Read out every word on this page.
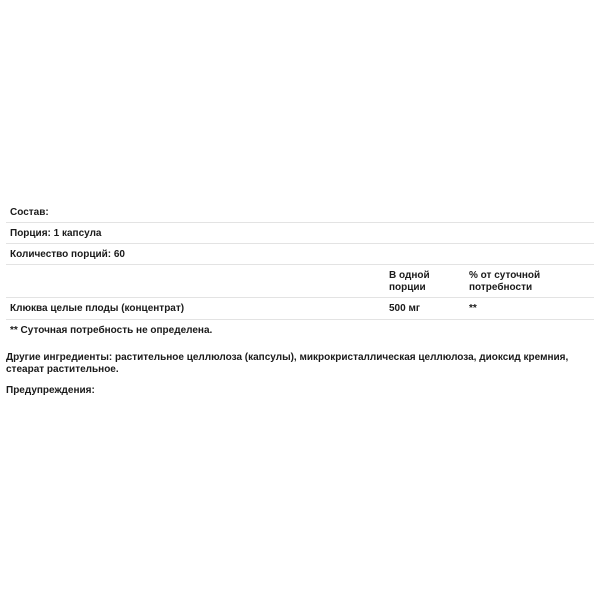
Состав:
Порция: 1 капсула
Количество порций: 60
В одной порции
% от суточной потребности
Клюква целые плоды (концентрат)	500 мг	**
** Суточная потребность не определена.
Другие ингредиенты: растительное целлюлоза (капсулы), микрокристаллическая целлюлоза, диоксид кремния, стеарат растительное.
Предупреждения:
